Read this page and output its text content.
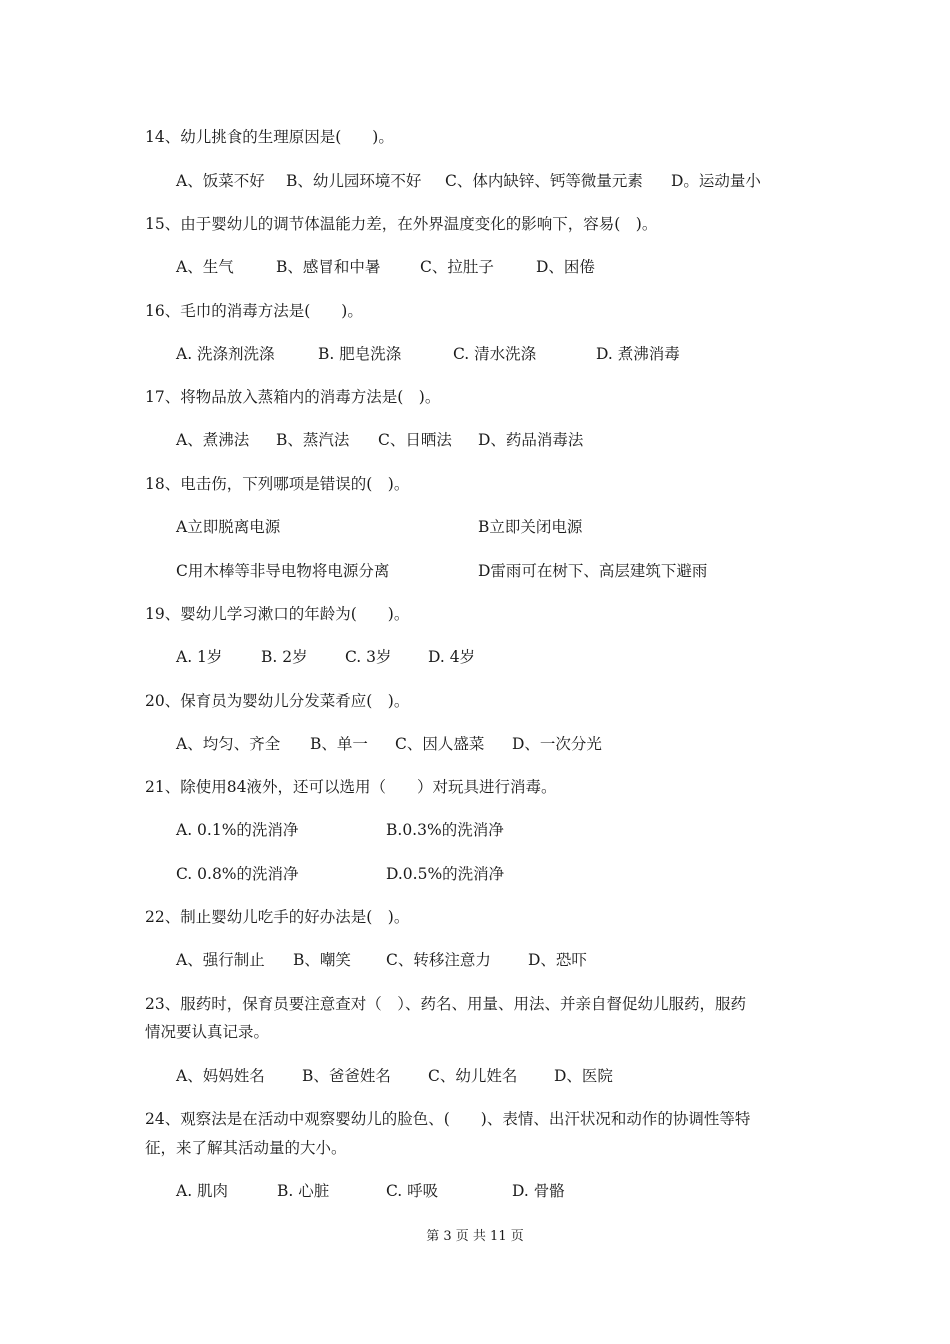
14、幼儿挑食的生理原因是(　　)。
A、饭菜不好 B、幼儿园环境不好 C、体内缺锌、钙等微量元素 D。运动量小
15、由于婴幼儿的调节体温能力差，在外界温度变化的影响下，容易(　)。
A、生气	B、感冒和中暑	C、拉肚子	D、困倦
16、毛巾的消毒方法是(　　)。
A. 洗涤剂洗涤	B. 肥皂洗涤	C. 清水洗涤	D. 煮沸消毒
17、将物品放入蒸箱内的消毒方法是(　)。
A、煮沸法 B、蒸汽法 C、日晒法 D、药品消毒法
18、电击伤，下列哪项是错误的(　)。
A立即脱离电源	B立即关闭电源
C用木棒等非导电物将电源分离	D雷雨可在树下、高层建筑下避雨
19、婴幼儿学习漱口的年龄为(　　)。
A. 1岁 B. 2岁 C. 3岁 D. 4岁
20、保育员为婴幼儿分发菜肴应(　)。
A、均匀、齐全 B、单一 C、因人盛菜 D、一次分光
21、除使用84液外，还可以选用（　　）对玩具进行消毒。
A. 0.1%的洗消净	B.0.3%的洗消净
C. 0.8%的洗消净	D.0.5%的洗消净
22、制止婴幼儿吃手的好办法是(　)。
A、强行制止 B、嘲笑 C、转移注意力 D、恐吓
23、服药时，保育员要注意查对（　）、药名、用量、用法、并亲自督促幼儿服药，服药
情况要认真记录。
A、妈妈姓名 B、爸爸姓名 C、幼儿姓名 D、医院
24、观察法是在活动中观察婴幼儿的脸色、(　　)、表情、出汗状况和动作的协调性等特
征，来了解其活动量的大小。
A. 肌肉	B. 心脏	C. 呼吸	D. 骨骼
第 3 页 共 11 页
